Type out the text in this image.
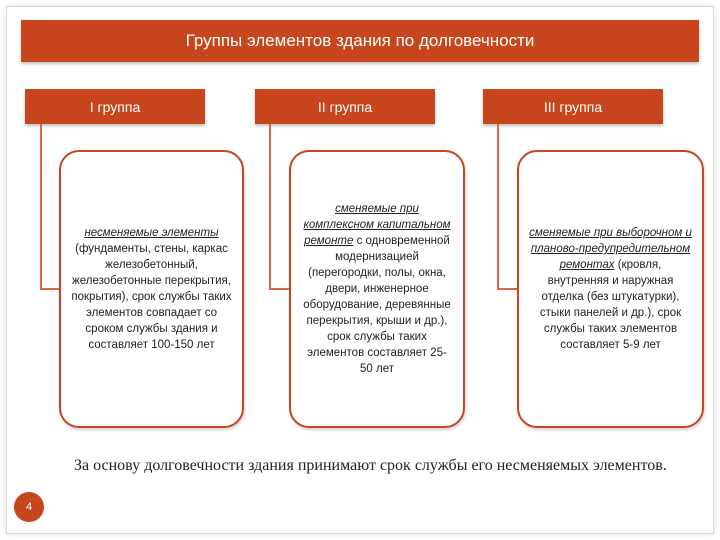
Группы элементов здания по долговечности
I группа	II группа	III группа
несменяемые элементы (фундаменты, стены, каркас железобетонный, железобетонные перекрытия, покрытия), срок службы таких элементов совпадает со сроком службы здания и составляет 100-150 лет
сменяемые при комплексном капитальном ремонте с одновременной модернизацией (перегородки, полы, окна, двери, инженерное оборудование, деревянные перекрытия, крыши и др.), срок службы таких элементов составляет 25-50 лет
сменяемые при выборочном и планово-предупредительном ремонтах (кровля, внутренняя и наружная отделка (без штукатурки), стыки панелей и др.), срок службы таких элементов составляет 5-9 лет
За основу долговечности здания принимают срок службы его несменяемых элементов.
4
